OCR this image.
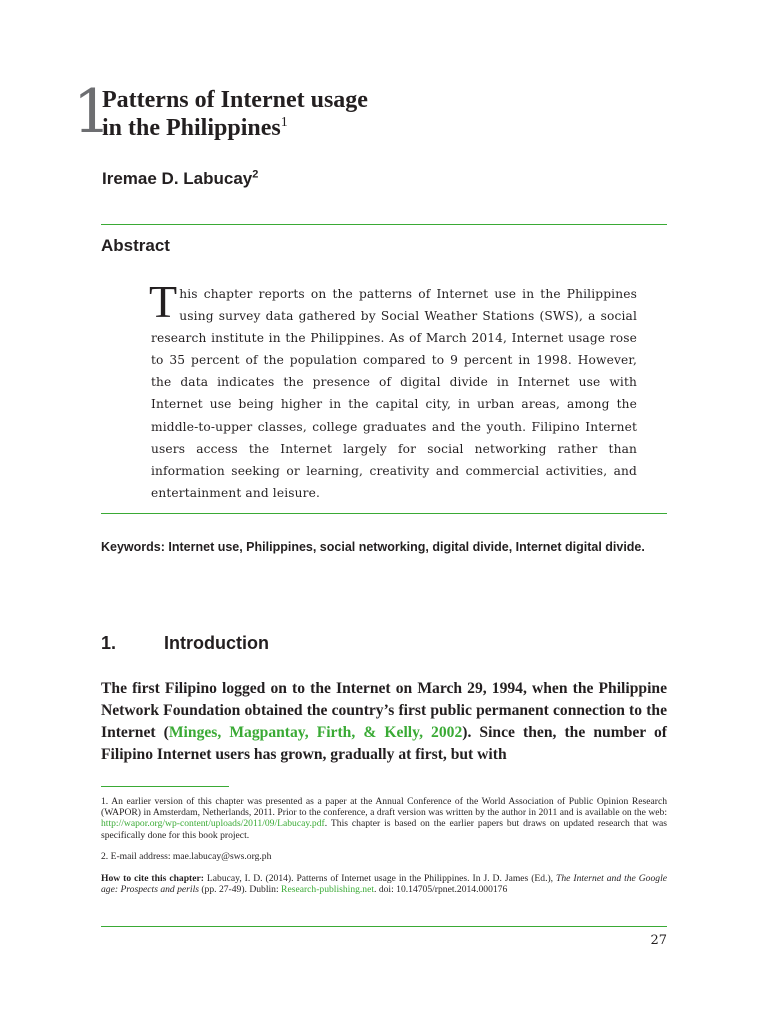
1
Patterns of Internet usage
in the Philippines$^1$
Iremae D. Labucay$^2$
Abstract
This chapter reports on the patterns of Internet use in the Philippines using survey data gathered by Social Weather Stations (SWS), a social research institute in the Philippines. As of March 2014, Internet usage rose to 35 percent of the population compared to 9 percent in 1998. However, the data indicates the presence of digital divide in Internet use with Internet use being higher in the capital city, in urban areas, among the middle-to-upper classes, college graduates and the youth. Filipino Internet users access the Internet largely for social networking rather than information seeking or learning, creativity and commercial activities, and entertainment and leisure.
Keywords: Internet use, Philippines, social networking, digital divide, Internet digital divide.
1.	Introduction
The first Filipino logged on to the Internet on March 29, 1994, when the Philippine Network Foundation obtained the country’s first public permanent connection to the Internet (Minges, Magpantay, Firth, & Kelly, 2002). Since then, the number of Filipino Internet users has grown, gradually at first, but with
1. An earlier version of this chapter was presented as a paper at the Annual Conference of the World Association of Public Opinion Research (WAPOR) in Amsterdam, Netherlands, 2011. Prior to the conference, a draft version was written by the author in 2011 and is available on the web: http://wapor.org/wp-content/uploads/2011/09/Labucay.pdf. This chapter is based on the earlier papers but draws on updated research that was specifically done for this book project.
2. E-mail address: mae.labucay@sws.org.ph
How to cite this chapter: Labucay, I. D. (2014). Patterns of Internet usage in the Philippines. In J. D. James (Ed.), The Internet and the Google age: Prospects and perils (pp. 27-49). Dublin: Research-publishing.net. doi: 10.14705/rpnet.2014.000176
27
